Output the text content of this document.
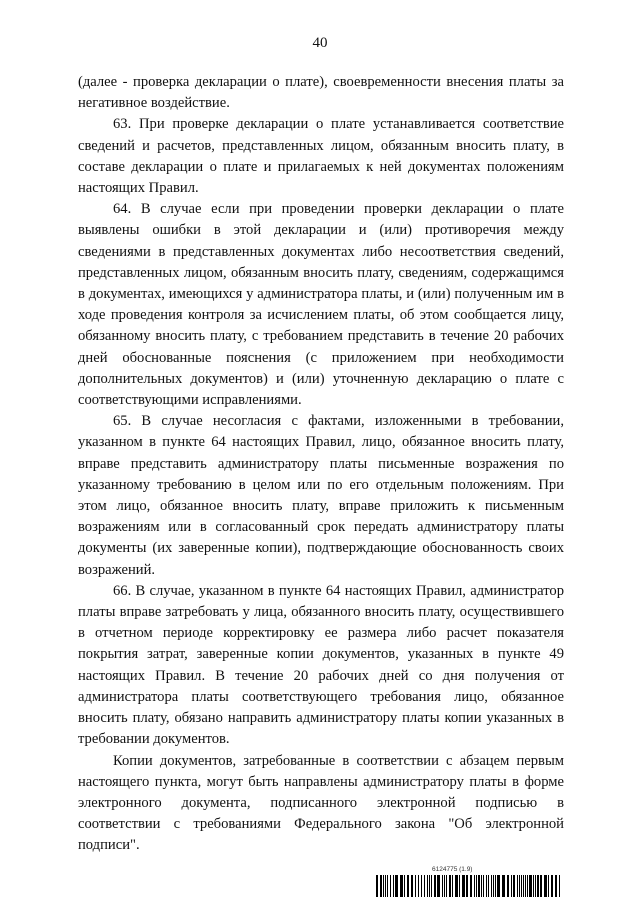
40

(далее - проверка декларации о плате), своевременности внесения платы за негативное воздействие.

63. При проверке декларации о плате устанавливается соответствие сведений и расчетов, представленных лицом, обязанным вносить плату, в составе декларации о плате и прилагаемых к ней документах положениям настоящих Правил.

64. В случае если при проведении проверки декларации о плате выявлены ошибки в этой декларации и (или) противоречия между сведениями в представленных документах либо несоответствия сведений, представленных лицом, обязанным вносить плату, сведениям, содержащимся в документах, имеющихся у администратора платы, и (или) полученным им в ходе проведения контроля за исчислением платы, об этом сообщается лицу, обязанному вносить плату, с требованием представить в течение 20 рабочих дней обоснованные пояснения (с приложением при необходимости дополнительных документов) и (или) уточненную декларацию о плате с соответствующими исправлениями.

65. В случае несогласия с фактами, изложенными в требовании, указанном в пункте 64 настоящих Правил, лицо, обязанное вносить плату, вправе представить администратору платы письменные возражения по указанному требованию в целом или по его отдельным положениям. При этом лицо, обязанное вносить плату, вправе приложить к письменным возражениям или в согласованный срок передать администратору платы документы (их заверенные копии), подтверждающие обоснованность своих возражений.

66. В случае, указанном в пункте 64 настоящих Правил, администратор платы вправе затребовать у лица, обязанного вносить плату, осуществившего в отчетном периоде корректировку ее размера либо расчет показателя покрытия затрат, заверенные копии документов, указанных в пункте 49 настоящих Правил. В течение 20 рабочих дней со дня получения от администратора платы соответствующего требования лицо, обязанное вносить плату, обязано направить администратору платы копии указанных в требовании документов.

Копии документов, затребованные в соответствии с абзацем первым настоящего пункта, могут быть направлены администратору платы в форме электронного документа, подписанного электронной подписью в соответствии с требованиями Федерального закона "Об электронной подписи".

6124775 (1.9)
